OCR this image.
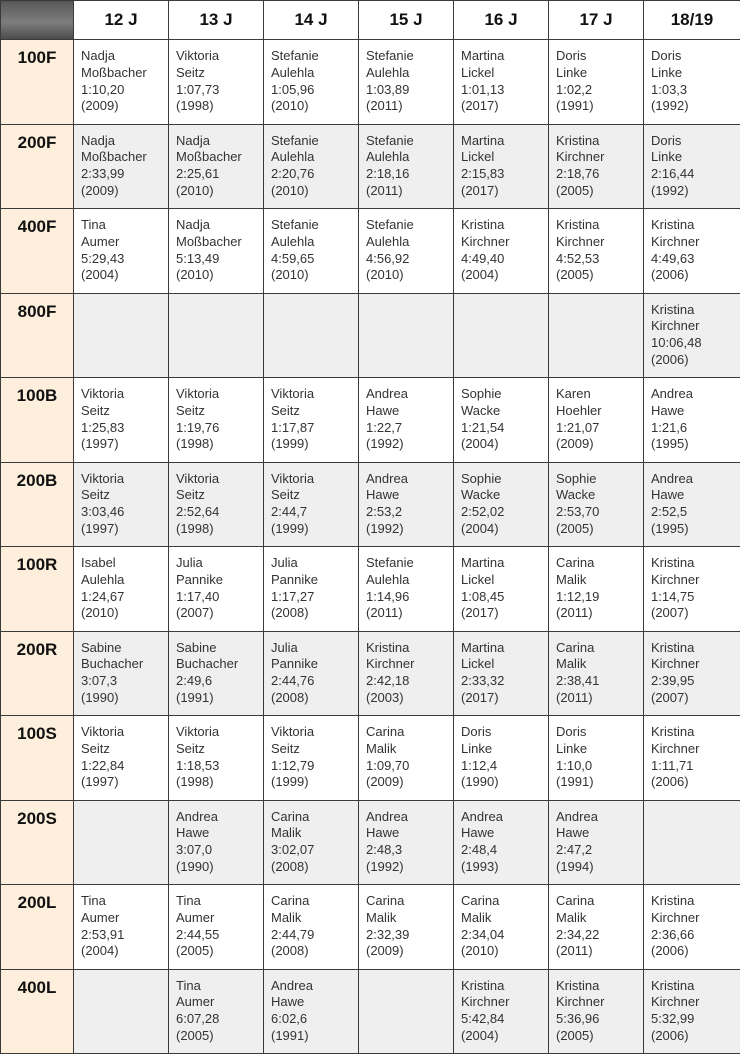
	12 J	13 J	14 J	15 J	16 J	17 J	18/19
100F	Nadja
Moßbacher
1:10,20
(2009)	Viktoria
Seitz
1:07,73
(1998)	Stefanie
Aulehla
1:05,96
(2010)	Stefanie
Aulehla
1:03,89
(2011)	Martina
Lickel
1:01,13
(2017)	Doris
Linke
1:02,2
(1991)	Doris
Linke
1:03,3
(1992)

200F	Nadja
Moßbacher
2:33,99
(2009)	Nadja
Moßbacher
2:25,61
(2010)	Stefanie
Aulehla
2:20,76
(2010)	Stefanie
Aulehla
2:18,16
(2011)	Martina
Lickel
2:15,83
(2017)	Kristina
Kirchner
2:18,76
(2005)	Doris
Linke
2:16,44
(1992)

400F	Tina
Aumer
5:29,43
(2004)	Nadja
Moßbacher
5:13,49
(2010)	Stefanie
Aulehla
4:59,65
(2010)	Stefanie
Aulehla
4:56,92
(2010)	Kristina
Kirchner
4:49,40
(2004)	Kristina
Kirchner
4:52,53
(2005)	Kristina
Kirchner
4:49,63
(2006)

800F							Kristina
Kirchner
10:06,48
(2006)

100B	Viktoria
Seitz
1:25,83
(1997)	Viktoria
Seitz
1:19,76
(1998)	Viktoria
Seitz
1:17,87
(1999)	Andrea
Hawe
1:22,7
(1992)	Sophie
Wacke
1:21,54
(2004)	Karen
Hoehler
1:21,07
(2009)	Andrea
Hawe
1:21,6
(1995)

200B	Viktoria
Seitz
3:03,46
(1997)	Viktoria
Seitz
2:52,64
(1998)	Viktoria
Seitz
2:44,7
(1999)	Andrea
Hawe
2:53,2
(1992)	Sophie
Wacke
2:52,02
(2004)	Sophie
Wacke
2:53,70
(2005)	Andrea
Hawe
2:52,5
(1995)

100R	Isabel
Aulehla
1:24,67
(2010)	Julia
Pannike
1:17,40
(2007)	Julia
Pannike
1:17,27
(2008)	Stefanie
Aulehla
1:14,96
(2011)	Martina
Lickel
1:08,45
(2017)	Carina
Malik
1:12,19
(2011)	Kristina
Kirchner
1:14,75
(2007)

200R	Sabine
Buchacher
3:07,3
(1990)	Sabine
Buchacher
2:49,6
(1991)	Julia
Pannike
2:44,76
(2008)	Kristina
Kirchner
2:42,18
(2003)	Martina
Lickel
2:33,32
(2017)	Carina
Malik
2:38,41
(2011)	Kristina
Kirchner
2:39,95
(2007)

100S	Viktoria
Seitz
1:22,84
(1997)	Viktoria
Seitz
1:18,53
(1998)	Viktoria
Seitz
1:12,79
(1999)	Carina
Malik
1:09,70
(2009)	Doris
Linke
1:12,4
(1990)	Doris
Linke
1:10,0
(1991)	Kristina
Kirchner
1:11,71
(2006)

200S		Andrea
Hawe
3:07,0
(1990)	Carina
Malik
3:02,07
(2008)	Andrea
Hawe
2:48,3
(1992)	Andrea
Hawe
2:48,4
(1993)	Andrea
Hawe
2:47,2
(1994)	

200L	Tina
Aumer
2:53,91
(2004)	Tina
Aumer
2:44,55
(2005)	Carina
Malik
2:44,79
(2008)	Carina
Malik
2:32,39
(2009)	Carina
Malik
2:34,04
(2010)	Carina
Malik
2:34,22
(2011)	Kristina
Kirchner
2:36,66
(2006)

400L		Tina
Aumer
6:07,28
(2005)	Andrea
Hawe
6:02,6
(1991)		Kristina
Kirchner
5:42,84
(2004)	Kristina
Kirchner
5:36,96
(2005)	Kristina
Kirchner
5:32,99
(2006)
